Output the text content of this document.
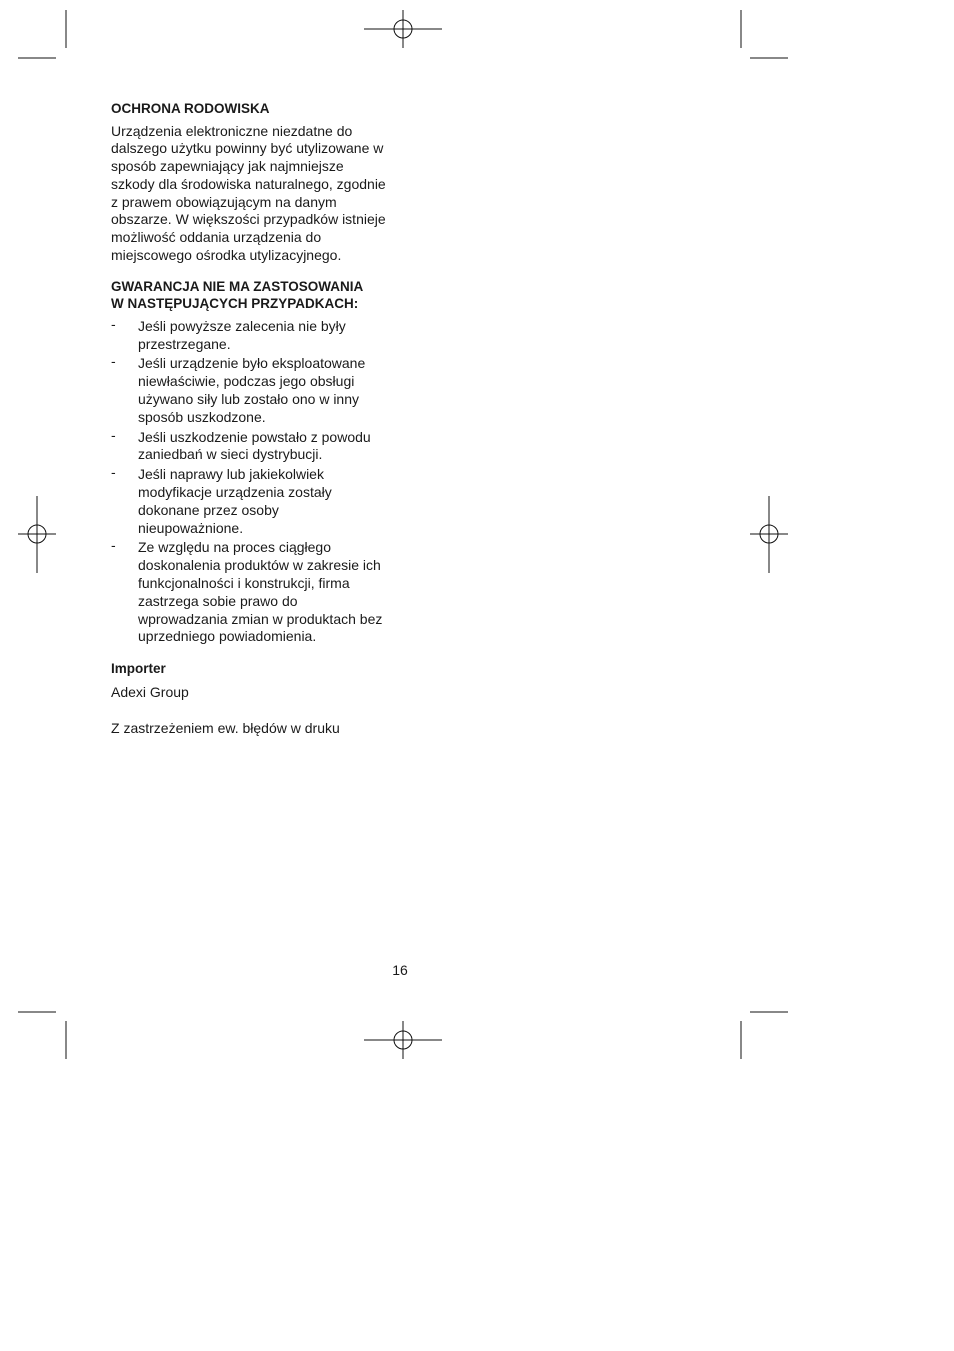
OCHRONA RODOWISKA
Urządzenia elektroniczne niezdatne do
dalszego użytku powinny być utylizowane w
sposób zapewniający jak najmniejsze
szkody dla środowiska naturalnego, zgodnie
z prawem obowiązującym na danym
obszarze. W większości przypadków istnieje
możliwość oddania urządzenia do
miejscowego ośrodka utylizacyjnego.
GWARANCJA NIE MA ZASTOSOWANIA
W NASTĘPUJĄCYCH PRZYPADKACH:
- Jeśli powyższe zalecenia nie były
przestrzegane.
- Jeśli urządzenie było eksploatowane
niewłaściwie, podczas jego obsługi
używano siły lub zostało ono w inny
sposób uszkodzone.
- Jeśli uszkodzenie powstało z powodu
zaniedbań w sieci dystrybucji.
- Jeśli naprawy lub jakiekolwiek
modyfikacje urządzenia zostały
dokonane przez osoby
nieupoważnione.
- Ze względu na proces ciągłego
doskonalenia produktów w zakresie ich
funkcjonalności i konstrukcji, firma
zastrzega sobie prawo do
wprowadzania zmian w produktach bez
uprzedniego powiadomienia.
Importer
Adexi Group
Z zastrzeżeniem ew. błędów w druku
16
